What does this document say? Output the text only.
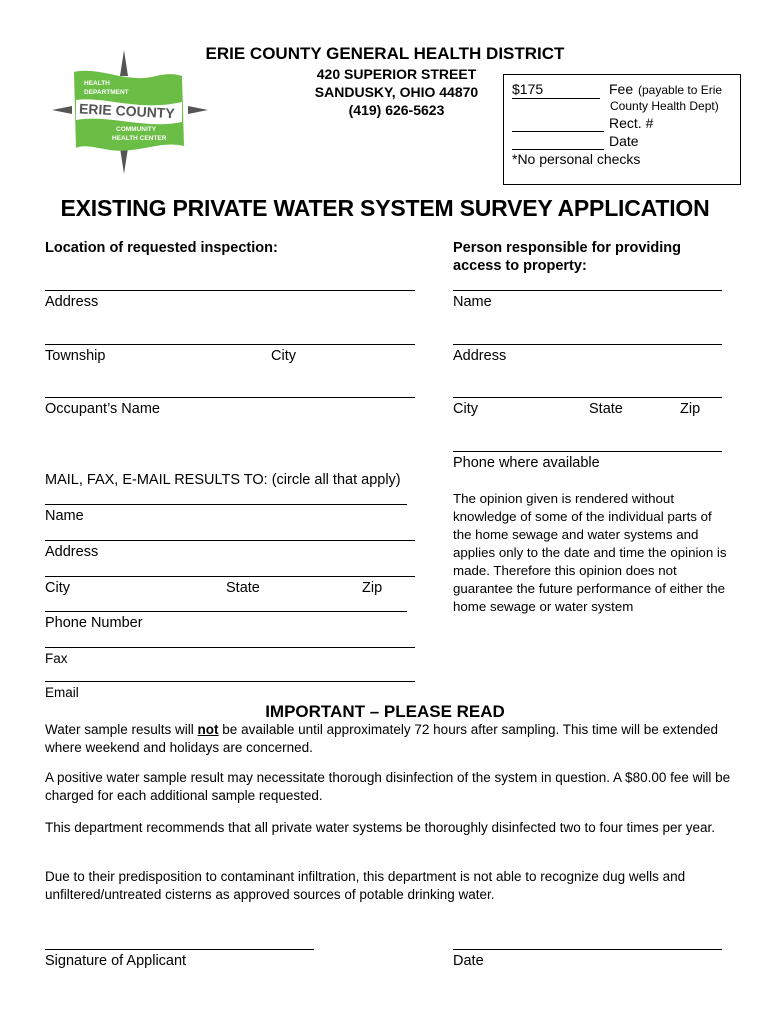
ERIE COUNTY GENERAL HEALTH DISTRICT
420 SUPERIOR STREET
SANDUSKY, OHIO 44870
(419) 626-5623
HEALTH
DEPARTMENT
ERIE COUNTY
COMMUNITY
HEALTH CENTER
$175	Fee (payable to Erie
County Health Dept)
Rect. #
Date
*No personal checks
EXISTING PRIVATE WATER SYSTEM SURVEY APPLICATION
Location of requested inspection:
Address
Township	City
Occupant’s Name
MAIL, FAX, E-MAIL RESULTS TO: (circle all that apply)
Name
Address
City	State	Zip
Phone Number
Fax
Email
Person responsible for providing
access to property:
Name
Address
City	State	Zip
Phone where available
The opinion given is rendered without knowledge of some of the individual parts of the home sewage and water systems and applies only to the date and time the opinion is made. Therefore this opinion does not guarantee the future performance of either the home sewage or water system
IMPORTANT – PLEASE READ
Water sample results will not be available until approximately 72 hours after sampling. This time will be extended where weekend and holidays are concerned.
A positive water sample result may necessitate thorough disinfection of the system in question. A $80.00 fee will be charged for each additional sample requested.
This department recommends that all private water systems be thoroughly disinfected two to four times per year.
Due to their predisposition to contaminant infiltration, this department is not able to recognize dug wells and unfiltered/untreated cisterns as approved sources of potable drinking water.
Signature of Applicant	Date
